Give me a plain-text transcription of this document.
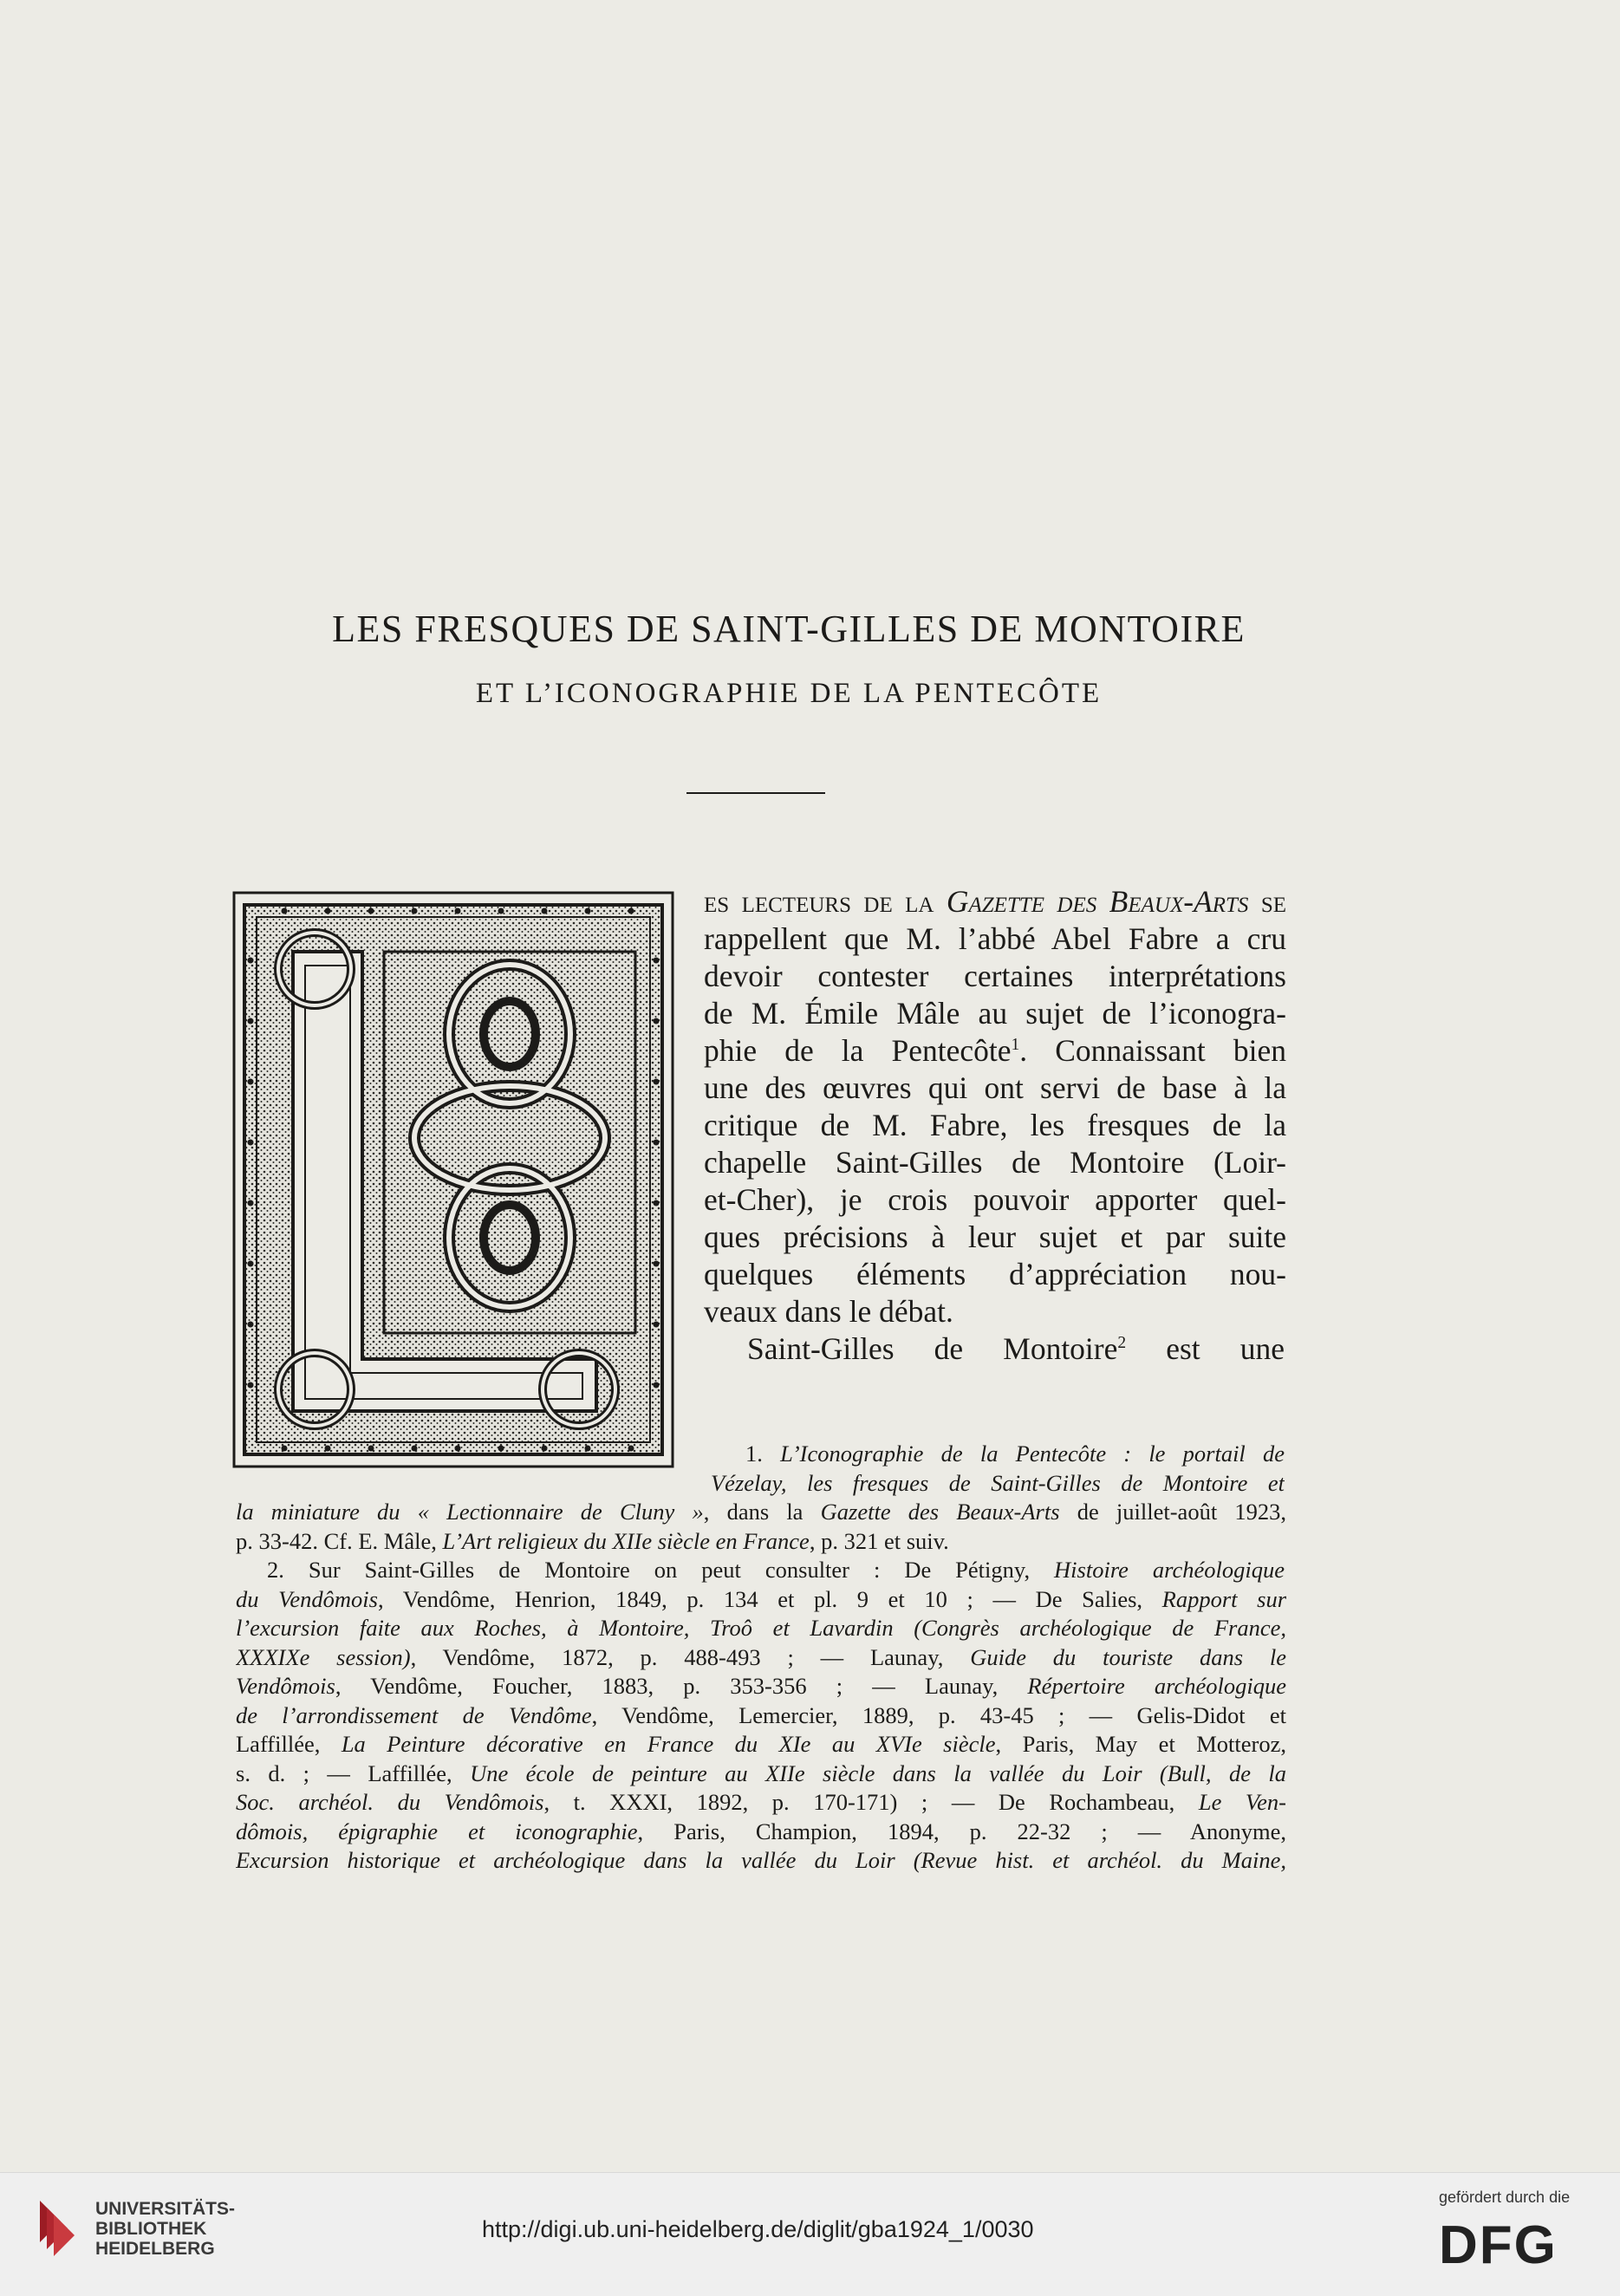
LES FRESQUES DE SAINT-GILLES DE MONTOIRE
ET L’ICONOGRAPHIE DE LA PENTECÔTE
es lecteurs de la Gazette des Beaux-Arts se
rappellent que M. l’abbé Abel Fabre a cru
devoir contester certaines interprétations
de M. Émile Mâle au sujet de l’iconogra-
phie de la Pentecôte$^1$. Connaissant bien
une des œuvres qui ont servi de base à la
critique de M. Fabre, les fresques de la
chapelle Saint-Gilles de Montoire (Loir-
et-Cher), je crois pouvoir apporter quel-
ques précisions à leur sujet et par suite
quelques éléments d’appréciation nou-
veaux dans le débat.
Saint-Gilles de Montoire$^2$ est une
1. L’Iconographie de la Pentecôte : le portail de
Vézelay, les fresques de Saint-Gilles de Montoire et
la miniature du « Lectionnaire de Cluny », dans la Gazette des Beaux-Arts de juillet-août 1923,
p. 33-42. Cf. E. Mâle, L’Art religieux du XIIe siècle en France, p. 321 et suiv.
2. Sur Saint-Gilles de Montoire on peut consulter : De Pétigny, Histoire archéologique
du Vendômois, Vendôme, Henrion, 1849, p. 134 et pl. 9 et 10 ; — De Salies, Rapport sur
l’excursion faite aux Roches, à Montoire, Troô et Lavardin (Congrès archéologique de France,
XXXIXe session), Vendôme, 1872, p. 488-493 ; — Launay, Guide du touriste dans le
Vendômois, Vendôme, Foucher, 1883, p. 353-356 ; — Launay, Répertoire archéologique
de l’arrondissement de Vendôme, Vendôme, Lemercier, 1889, p. 43-45 ; — Gelis-Didot et
Laffillée, La Peinture décorative en France du XIe au XVIe siècle, Paris, May et Motteroz,
s. d. ; — Laffillée, Une école de peinture au XIIe siècle dans la vallée du Loir (Bull, de la
Soc. archéol. du Vendômois, t. XXXI, 1892, p. 170-171) ; — De Rochambeau, Le Ven-
dômois, épigraphie et iconographie, Paris, Champion, 1894, p. 22-32 ; — Anonyme,
Excursion historique et archéologique dans la vallée du Loir (Revue hist. et archéol. du Maine,
UNIVERSITÄTS-
BIBLIOTHEK
HEIDELBERG
http://digi.ub.uni-heidelberg.de/diglit/gba1924_1/0030
gefördert durch die
DFG
